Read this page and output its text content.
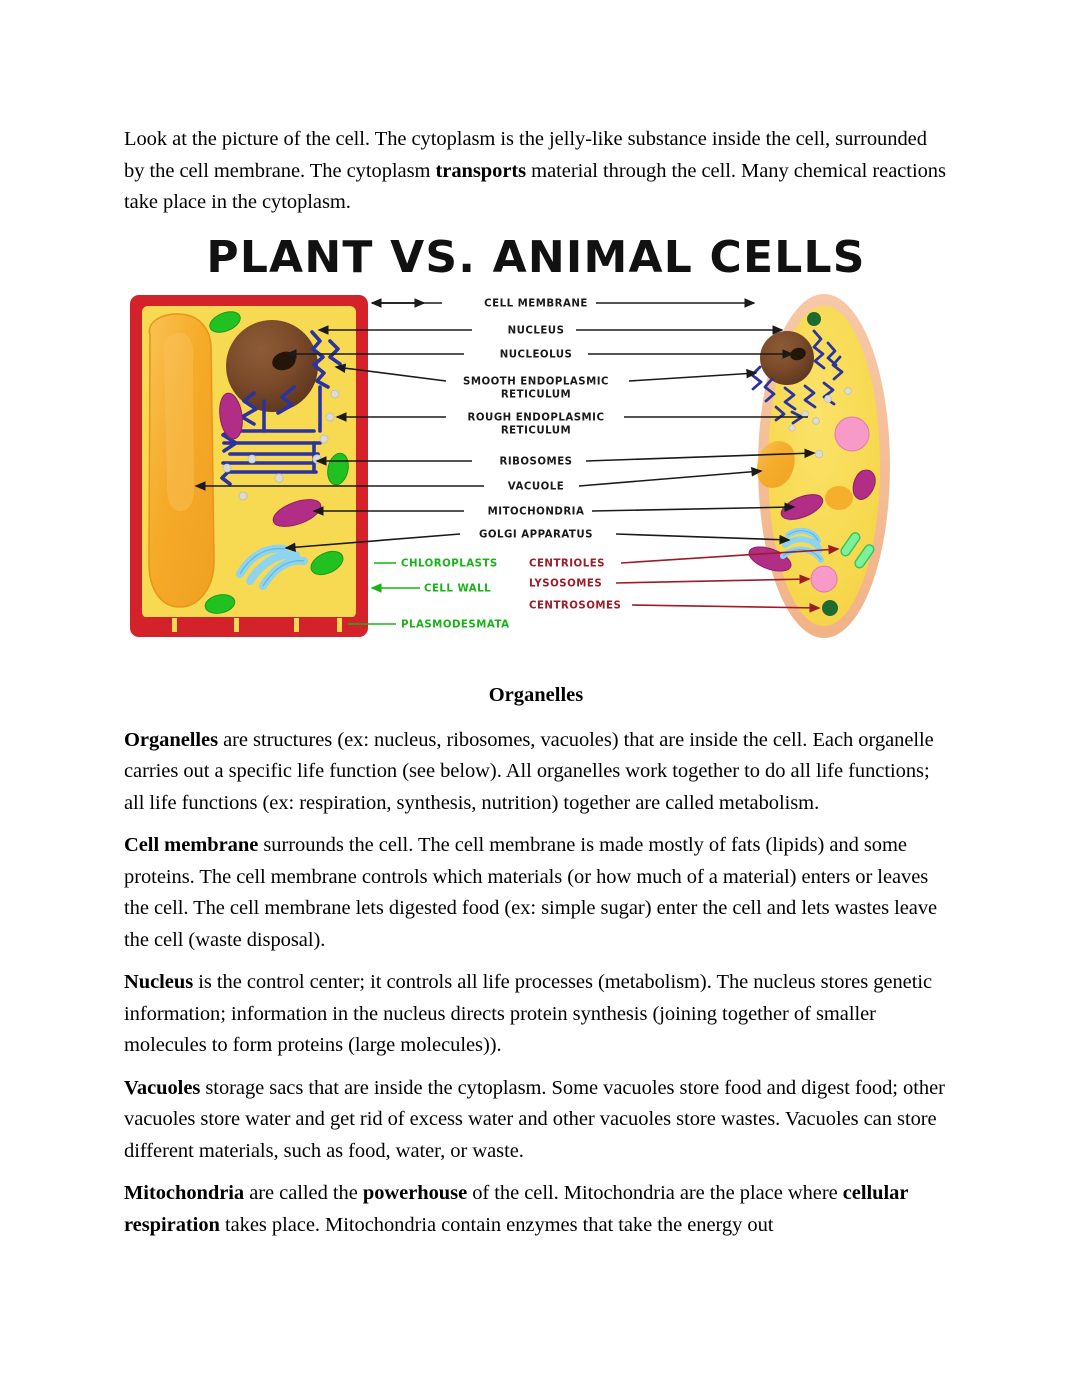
Look at the picture of the cell. The cytoplasm is the jelly-like substance inside the cell, surrounded by the cell membrane. The cytoplasm transports material through the cell. Many chemical reactions take place in the cytoplasm.

PLANT VS. ANIMAL CELLS
CELL MEMBRANE
NUCLEUS
NUCLEOLUS
SMOOTH ENDOPLASMIC
RETICULUM
ROUGH ENDOPLASMIC
RETICULUM
RIBOSOMES
VACUOLE
MITOCHONDRIA
GOLGI APPARATUS
CHLOROPLASTS
CELL WALL
PLASMODESMATA
CENTRIOLES
LYSOSOMES
CENTROSOMES
Organelles

Organelles are structures (ex: nucleus, ribosomes, vacuoles) that are inside the cell. Each organelle carries out a specific life function (see below). All organelles work together to do all life functions; all life functions (ex: respiration, synthesis, nutrition) together are called metabolism.

Cell membrane surrounds the cell. The cell membrane is made mostly of fats (lipids) and some proteins. The cell membrane controls which materials (or how much of a material) enters or leaves the cell. The cell membrane lets digested food (ex: simple sugar) enter the cell and lets wastes leave the cell (waste disposal).

Nucleus is the control center; it controls all life processes (metabolism). The nucleus stores genetic information; information in the nucleus directs protein synthesis (joining together of smaller molecules to form proteins (large molecules)).

Vacuoles storage sacs that are inside the cytoplasm. Some vacuoles store food and digest food; other vacuoles store water and get rid of excess water and other vacuoles store wastes. Vacuoles can store different materials, such as food, water, or waste.

Mitochondria are called the powerhouse of the cell. Mitochondria are the place where cellular respiration takes place. Mitochondria contain enzymes that take the energy out
